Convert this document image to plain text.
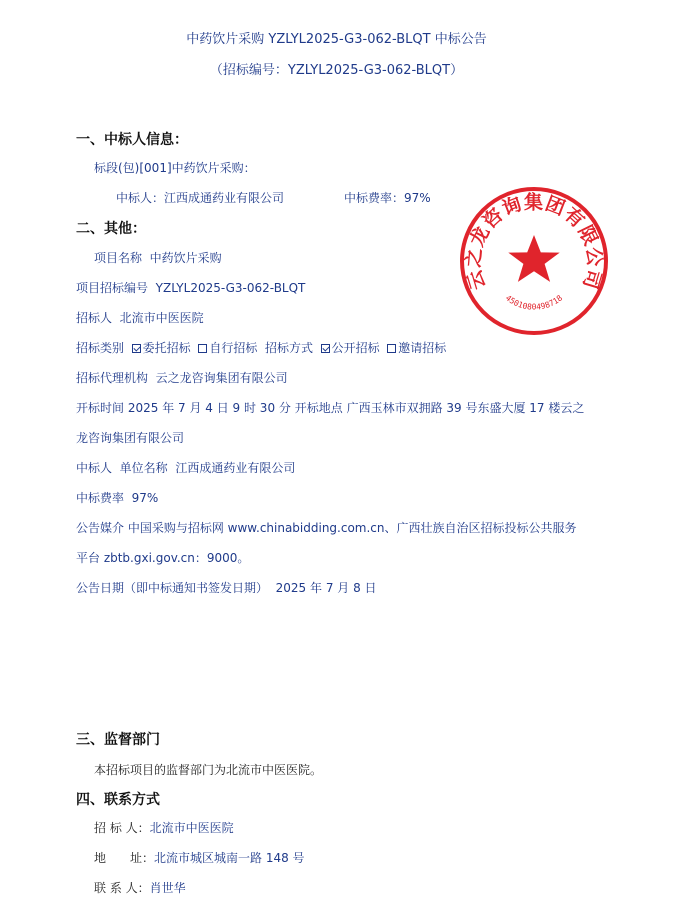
中药饮片采购 YZLYL2025-G3-062-BLQT 中标公告
（招标编号：YZLYL2025-G3-062-BLQT）
一、中标人信息：
标段(包)[001]中药饮片采购：
中标人：江西成通药业有限公司	中标费率：97%
二、其他：
项目名称 中药饮片采购
项目招标编号 YZLYL2025-G3-062-BLQT
招标人 北流市中医医院
招标类别 委托招标 自行招标 招标方式 公开招标 邀请招标
招标代理机构 云之龙咨询集团有限公司
开标时间 2025 年 7 月 4 日 9 时 30 分 开标地点 广西玉林市双拥路 39 号东盛大厦 17 楼云之
龙咨询集团有限公司
中标人 单位名称 江西成通药业有限公司
中标费率 97%
公告媒介 中国采购与招标网 www.chinabidding.com.cn、广西壮族自治区招标投标公共服务
平台 zbtb.gxi.gov.cn：9000。
公告日期（即中标通知书签发日期） 2025 年 7 月 8 日
三、监督部门
本招标项目的监督部门为北流市中医医院。
四、联系方式
招 标 人：北流市中医医院
地　　址：北流市城区城南一路 148 号
联 系 人：肖世华
云之龙咨询集团有限公司
4501080498718
